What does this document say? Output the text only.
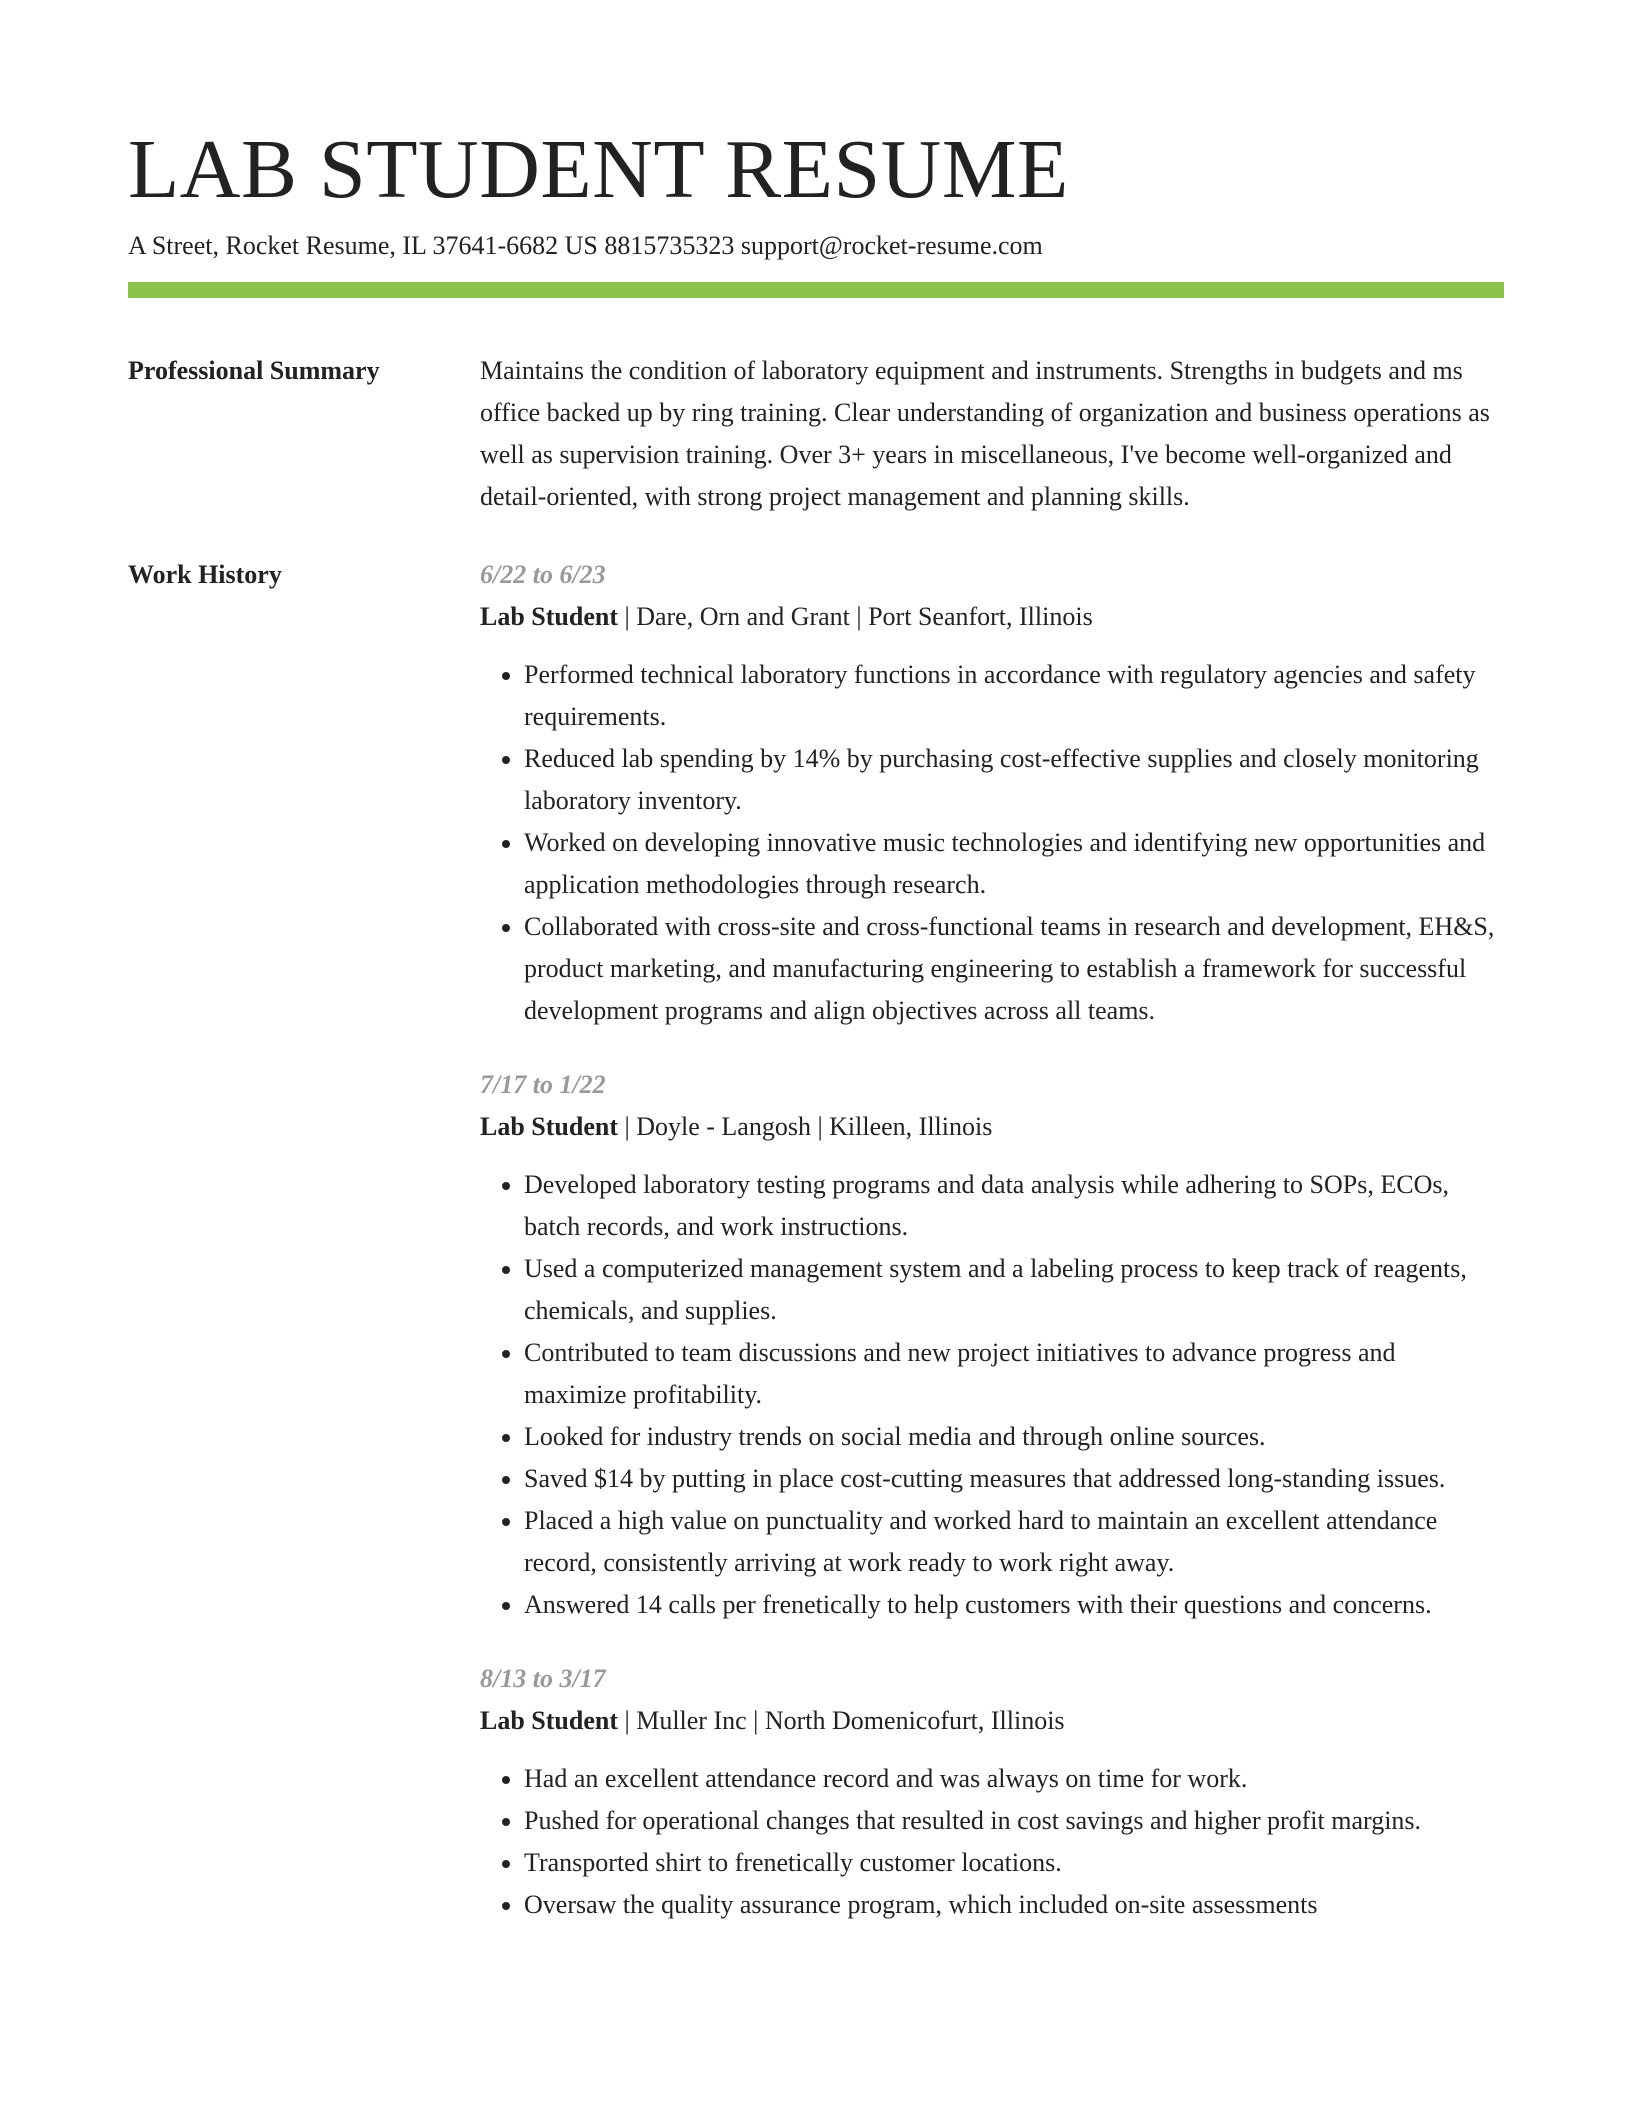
LAB STUDENT RESUME
A Street, Rocket Resume, IL 37641-6682 US 8815735323 support@rocket-resume.com
Professional Summary	Maintains the condition of laboratory equipment and instruments. Strengths in budgets and ms office backed up by ring training. Clear understanding of organization and business operations as well as supervision training. Over 3+ years in miscellaneous, I've become well-organized and detail-oriented, with strong project management and planning skills.

Work History	6/22 to 6/23
Lab Student | Dare, Orn and Grant | Port Seanfort, Illinois
• Performed technical laboratory functions in accordance with regulatory agencies and safety requirements.
• Reduced lab spending by 14% by purchasing cost-effective supplies and closely monitoring laboratory inventory.
• Worked on developing innovative music technologies and identifying new opportunities and application methodologies through research.
• Collaborated with cross-site and cross-functional teams in research and development, EH&S, product marketing, and manufacturing engineering to establish a framework for successful development programs and align objectives across all teams.
7/17 to 1/22
Lab Student | Doyle - Langosh | Killeen, Illinois
• Developed laboratory testing programs and data analysis while adhering to SOPs, ECOs, batch records, and work instructions.
• Used a computerized management system and a labeling process to keep track of reagents, chemicals, and supplies.
• Contributed to team discussions and new project initiatives to advance progress and maximize profitability.
• Looked for industry trends on social media and through online sources.
• Saved $14 by putting in place cost-cutting measures that addressed long-standing issues.
• Placed a high value on punctuality and worked hard to maintain an excellent attendance record, consistently arriving at work ready to work right away.
• Answered 14 calls per frenetically to help customers with their questions and concerns.
8/13 to 3/17
Lab Student | Muller Inc | North Domenicofurt, Illinois
• Had an excellent attendance record and was always on time for work.
• Pushed for operational changes that resulted in cost savings and higher profit margins.
• Transported shirt to frenetically customer locations.
• Oversaw the quality assurance program, which included on-site assessments
